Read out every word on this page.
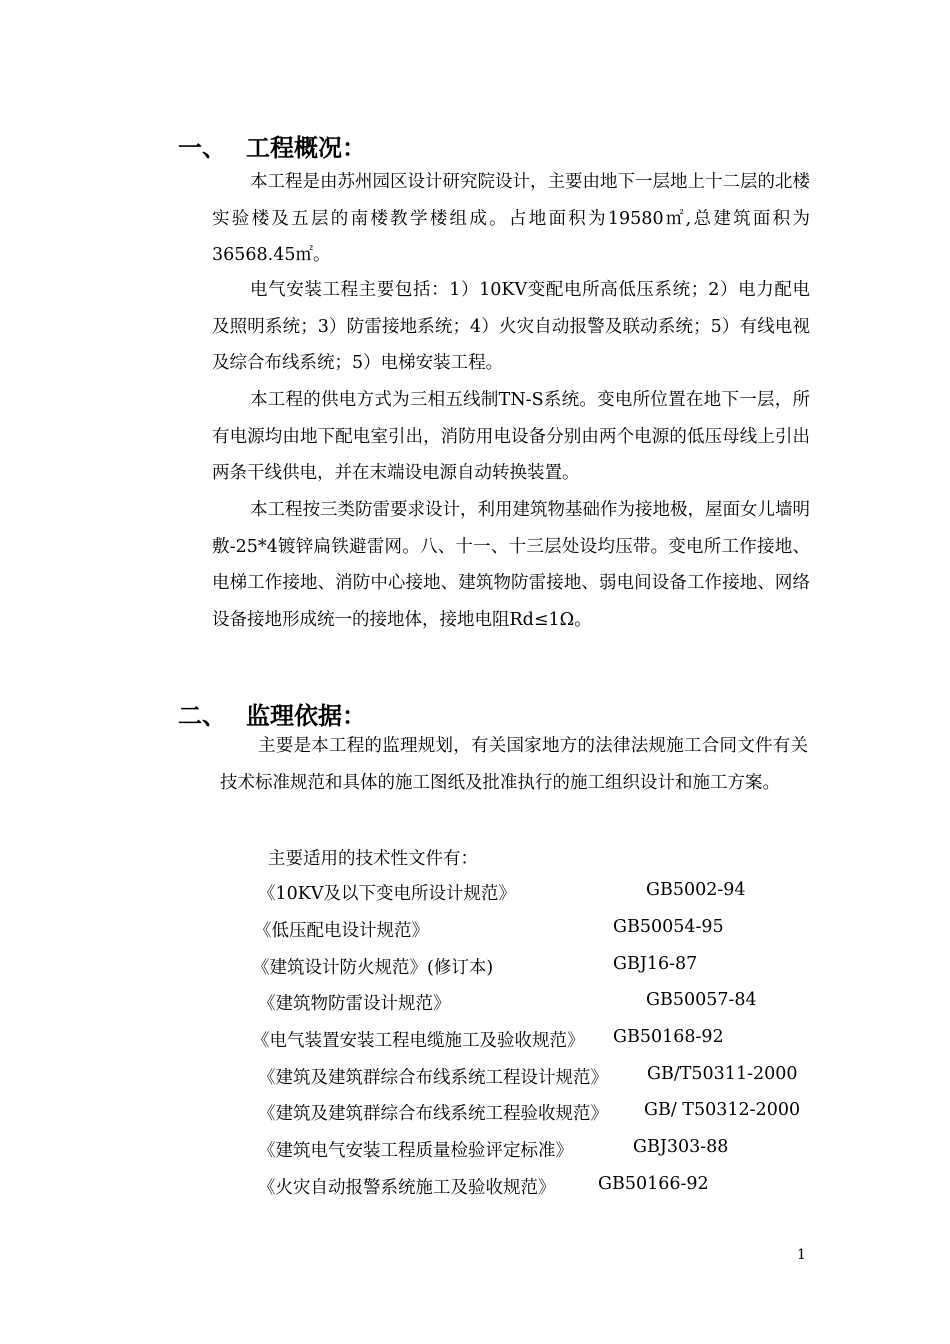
一、 工程概况：

本工程是由苏州园区设计研究院设计，主要由地下一层地上十二层的北楼实验楼及五层的南楼教学楼组成。占地面积为19580㎡,总建筑面积为36568.45㎡。

电气安装工程主要包括：1）10KV变配电所高低压系统；2）电力配电及照明系统；3）防雷接地系统；4）火灾自动报警及联动系统；5）有线电视及综合布线系统；5）电梯安装工程。

本工程的供电方式为三相五线制TN-S系统。变电所位置在地下一层，所有电源均由地下配电室引出，消防用电设备分别由两个电源的低压母线上引出两条干线供电，并在末端设电源自动转换装置。

本工程按三类防雷要求设计，利用建筑物基础作为接地极，屋面女儿墙明敷-25*4镀锌扁铁避雷网。八、十一、十三层处设均压带。变电所工作接地、电梯工作接地、消防中心接地、建筑物防雷接地、弱电间设备工作接地、网络设备接地形成统一的接地体，接地电阻Rd≤1Ω。

二、 监理依据：

主要是本工程的监理规划，有关国家地方的法律法规施工合同文件有关技术标准规范和具体的施工图纸及批准执行的施工组织设计和施工方案。

主要适用的技术性文件有：
《10KV及以下变电所设计规范》	GB5002-94
《低压配电设计规范》	GB50054-95
《建筑设计防火规范》(修订本)	GBJ16-87
《建筑物防雷设计规范》	GB50057-84
《电气装置安装工程电缆施工及验收规范》 GB50168-92
《建筑及建筑群综合布线系统工程设计规范》 GB/T50311-2000
《建筑及建筑群综合布线系统工程验收规范》 GB/ T50312-2000
《建筑电气安装工程质量检验评定标准》	GBJ303-88
《火灾自动报警系统施工及验收规范》 GB50166-92
1
